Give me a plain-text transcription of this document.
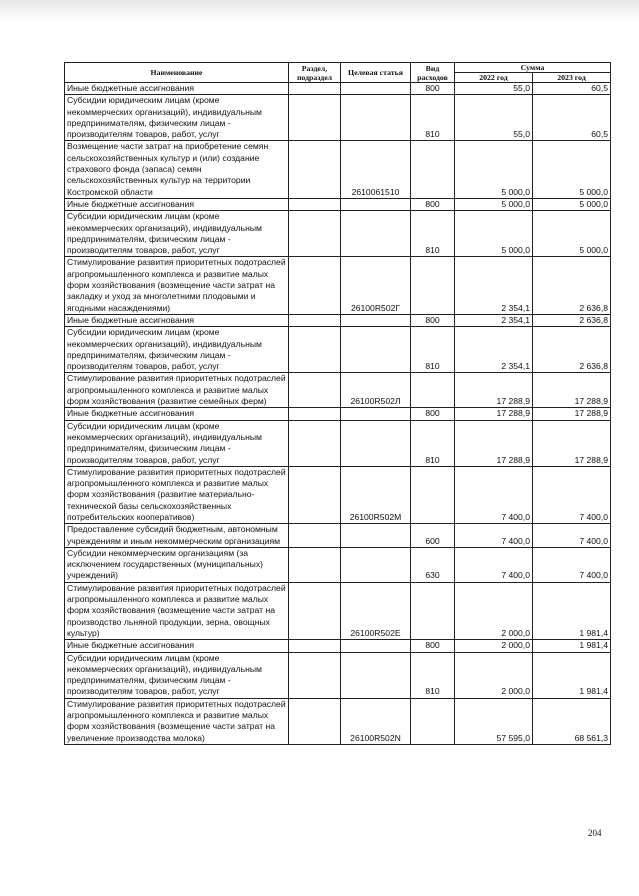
Наименование	Раздел, подраздел	Целевая статья	Вид расходов	Сумма	
				2022 год	2023 год
Иные бюджетные ассигнования			800	55,0	60,5
Субсидии юридическим лицам (кроме некоммерческих организаций), индивидуальным предпринимателям, физическим лицам - производителям товаров, работ, услуг			810	55,0	60,5
Возмещение части затрат на приобретение семян сельскохозяйственных культур и (или) создание страхового фонда (запаса) семян сельскохозяйственных культур на территории Костромской области		2610061510		5 000,0	5 000,0
Иные бюджетные ассигнования			800	5 000,0	5 000,0
Субсидии юридическим лицам (кроме некоммерческих организаций), индивидуальным предпринимателям, физическим лицам - производителям товаров, работ, услуг			810	5 000,0	5 000,0
Стимулирование развития приоритетных подотраслей агропромышленного комплекса и развитие малых форм хозяйствования (возмещение части затрат на закладку и уход за многолетними плодовыми и ягодными насаждениями)		26100R502Г		2 354,1	2 636,8
Иные бюджетные ассигнования			800	2 354,1	2 636,8
Субсидии юридическим лицам (кроме некоммерческих организаций), индивидуальным предпринимателям, физическим лицам - производителям товаров, работ, услуг			810	2 354,1	2 636,8
Стимулирование развития приоритетных подотраслей агропромышленного комплекса и развитие малых форм хозяйствования (развитие семейных ферм)		26100R502Л		17 288,9	17 288,9
Иные бюджетные ассигнования			800	17 288,9	17 288,9
Субсидии юридическим лицам (кроме некоммерческих организаций), индивидуальным предпринимателям, физическим лицам - производителям товаров, работ, услуг			810	17 288,9	17 288,9
Стимулирование развития приоритетных подотраслей агропромышленного комплекса и развитие малых форм хозяйствования (развитие материально-технической базы сельскохозяйственных потребительских кооперативов)		26100R502М		7 400,0	7 400,0
Предоставление субсидий бюджетным, автономным учреждениям и иным некоммерческим организациям			600	7 400,0	7 400,0
Субсидии некоммерческим организациям (за исключением государственных (муниципальных) учреждений)			630	7 400,0	7 400,0
Стимулирование развития приоритетных подотраслей агропромышленного комплекса и развитие малых форм хозяйствования (возмещение части затрат на производство льняной продукции, зерна, овощных культур)		26100R502Е		2 000,0	1 981,4
Иные бюджетные ассигнования			800	2 000,0	1 981,4
Субсидии юридическим лицам (кроме некоммерческих организаций), индивидуальным предпринимателям, физическим лицам - производителям товаров, работ, услуг			810	2 000,0	1 981,4
Стимулирование развития приоритетных подотраслей агропромышленного комплекса и развитие малых форм хозяйствования (возмещение части затрат на увеличение производства молока)		26100R502N		57 595,0	68 561,3
204
